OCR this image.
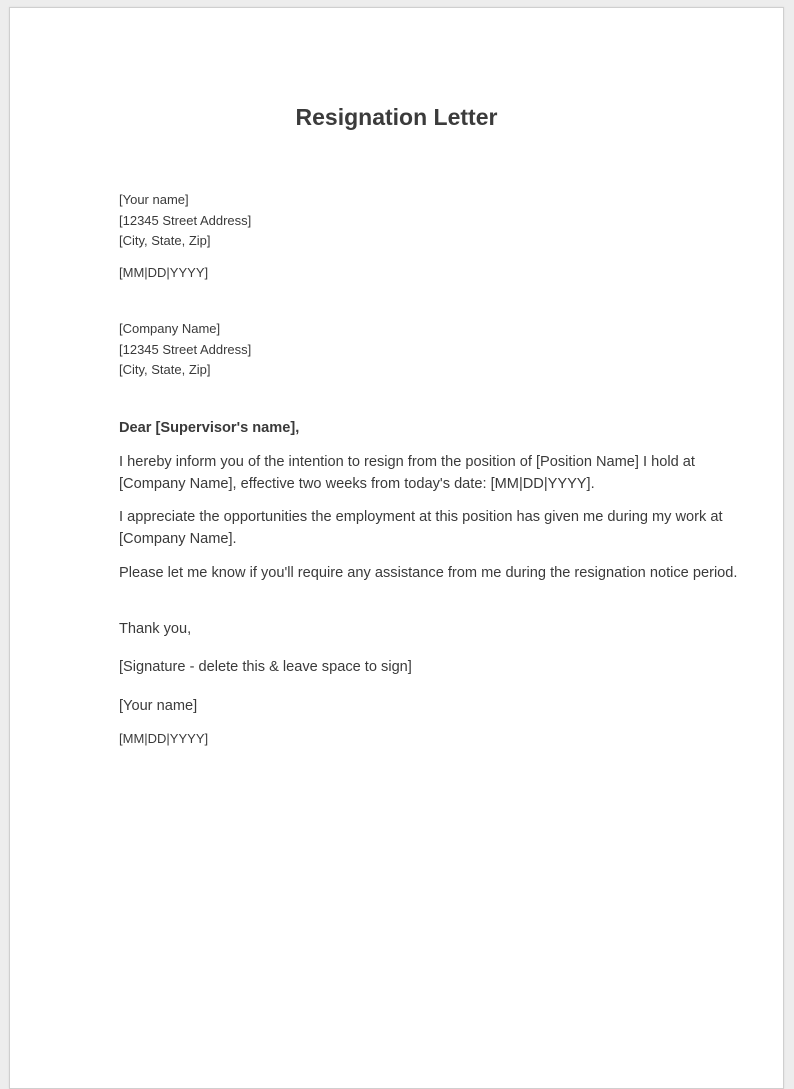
Resignation Letter
[Your name]
[12345 Street Address]
[City, State, Zip]
[MM|DD|YYYY]
[Company Name]
[12345 Street Address]
[City, State, Zip]

Dear [Supervisor's name],

I hereby inform you of the intention to resign from the position of [Position Name] I hold at [Company Name], effective two weeks from today's date: [MM|DD|YYYY].

I appreciate the opportunities the employment at this position has given me during my work at [Company Name].

Please let me know if you'll require any assistance from me during the resignation notice period.

Thank you,

[Signature - delete this & leave space to sign]

[Your name]

[MM|DD|YYYY]
